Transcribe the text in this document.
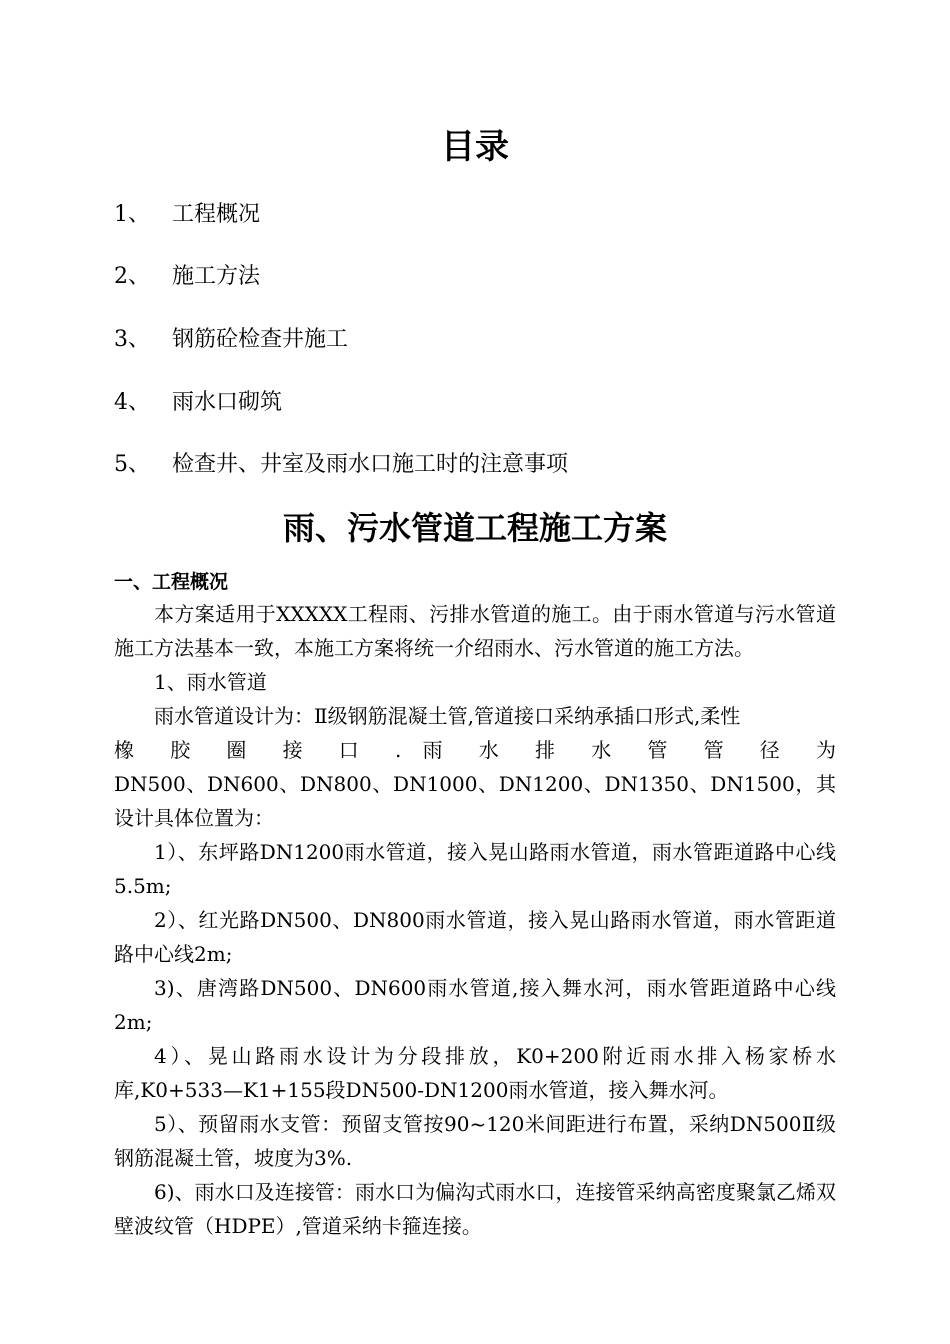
目录
1、 工程概况
2、 施工方法
3、 钢筋砼检查井施工
4、 雨水口砌筑
5、 检查井、井室及雨水口施工时的注意事项
雨、污水管道工程施工方案
一、工程概况

本方案适用于XXXXX工程雨、污排水管道的施工。由于雨水管道与污水管道施工方法基本一致，本施工方案将统一介绍雨水、污水管道的施工方法。

1、雨水管道

雨水管道设计为：Ⅱ级钢筋混凝土管,管道接口采纳承插口形式,柔性

橡 胶 圈 接 口 . 雨 水 排 水 管 管 径 为

DN500、DN600、DN800、DN1000、DN1200、DN1350、DN1500，其设计具体位置为：

1）、东坪路DN1200雨水管道，接入晃山路雨水管道，雨水管距道路中心线5.5m;

2）、红光路DN500、DN800雨水管道，接入晃山路雨水管道，雨水管距道路中心线2m;

3)、唐湾路DN500、DN600雨水管道,接入舞水河，雨水管距道路中心线2m;

4）、晃山路雨水设计为分段排放，K0+200附近雨水排入杨家桥水库,K0+533—K1+155段DN500-DN1200雨水管道，接入舞水河。

5）、预留雨水支管：预留支管按90~120米间距进行布置，采纳DN500Ⅱ级钢筋混凝土管，坡度为3%.

6)、雨水口及连接管：雨水口为偏沟式雨水口，连接管采纳高密度聚氯乙烯双壁波纹管（HDPE）,管道采纳卡箍连接。
